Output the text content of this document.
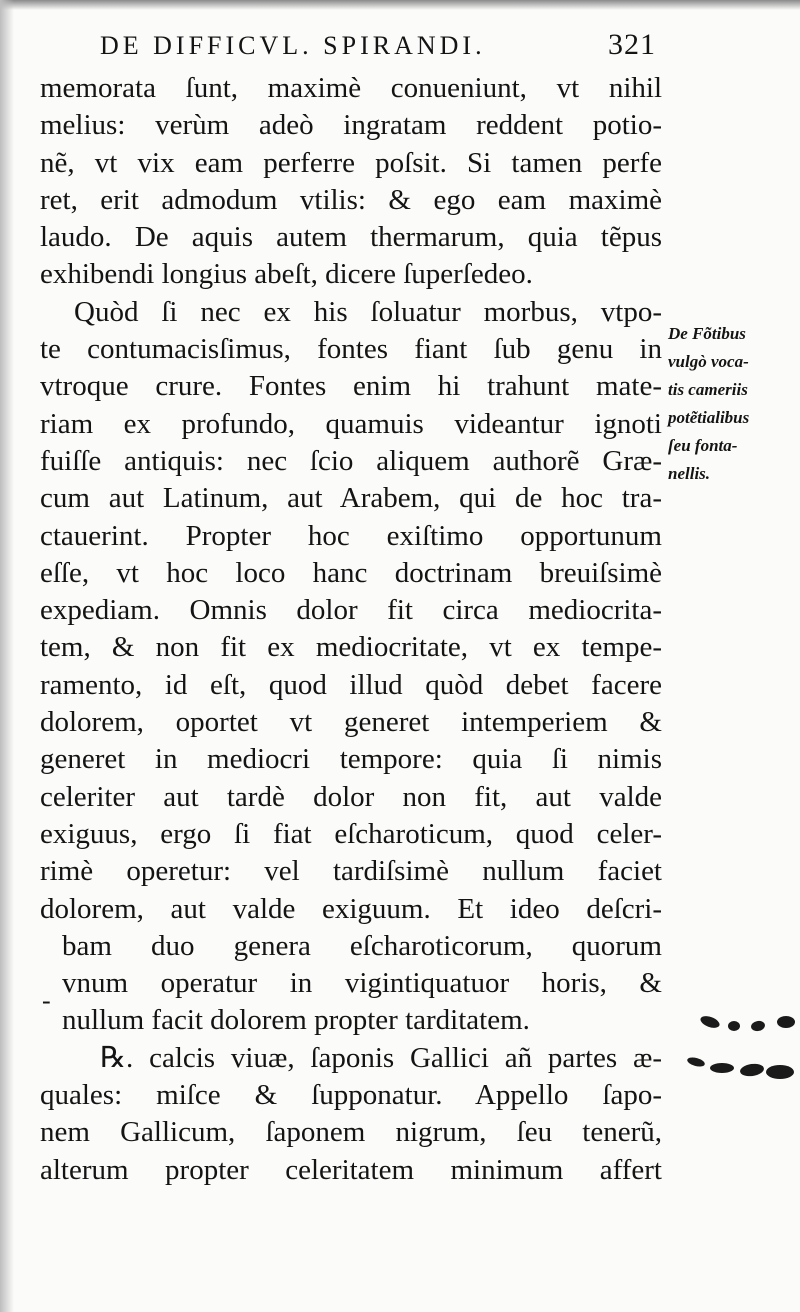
DE DIFFICVL. SPIRANDI.	321
memorata ſunt, maximè conueniunt, vt nihil
melius: verùm adeò ingratam reddent potio-
nẽ, vt vix eam perferre poſsit. Si tamen perfe
ret, erit admodum vtilis: & ego eam maximè
laudo. De aquis autem thermarum, quia tẽpus
exhibendi longius abeſt, dicere ſuperſedeo.
Quòd ſi nec ex his ſoluatur morbus, vtpo-
te contumacisſimus, fontes fiant ſub genu in
vtroque crure. Fontes enim hi trahunt mate-
riam ex profundo, quamuis videantur ignoti
fuiſſe antiquis: nec ſcio aliquem authorẽ Græ-
cum aut Latinum, aut Arabem, qui de hoc tra-
ctauerint. Propter hoc exiſtimo opportunum
eſſe, vt hoc loco hanc doctrinam breuiſsimè
expediam. Omnis dolor fit circa mediocrita-
tem, & non fit ex mediocritate, vt ex tempe-
ramento, id eſt, quod illud quòd debet facere
dolorem, oportet vt generet intemperiem &
generet in mediocri tempore: quia ſi nimis
celeriter aut tardè dolor non fit, aut valde
exiguus, ergo ſi fiat eſcharoticum, quod celer-
rimè operetur: vel tardiſsimè nullum faciet
dolorem, aut valde exiguum. Et ideo deſcri-
bam duo genera eſcharoticorum, quorum
vnum operatur in vigintiquatuor horis, &
nullum facit dolorem propter tarditatem.
℞. calcis viuæ, ſaponis Gallici añ partes æ-
quales: miſce & ſupponatur. Appello ſapo-
nem Gallicum, ſaponem nigrum, ſeu tenerũ,
alterum propter celeritatem minimum affert
De Fõtibus
vulgò voca-
tis cameriis
potẽtialibus
ſeu fonta-
nellis.
-
